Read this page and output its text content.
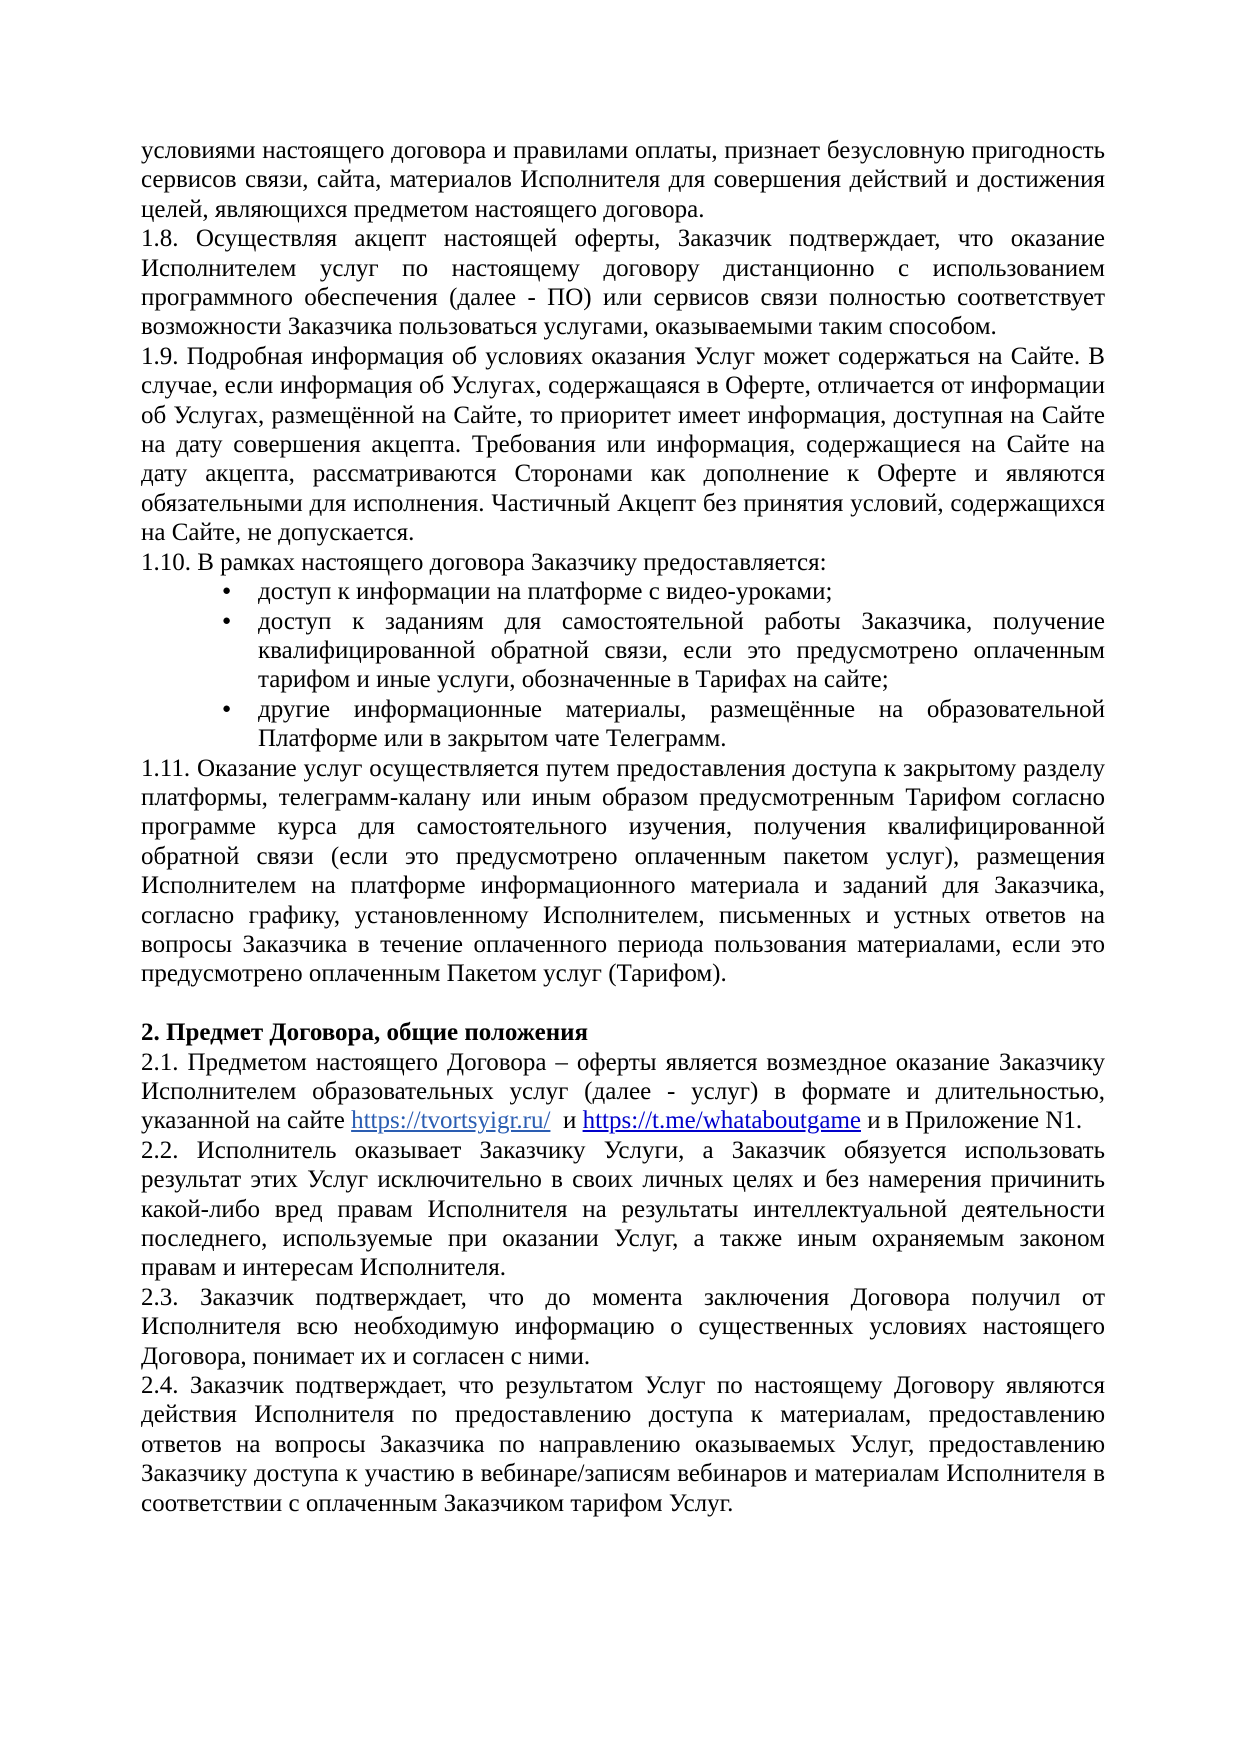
условиями настоящего договора и правилами оплаты, признает безусловную пригодность сервисов связи, сайта, материалов Исполнителя для совершения действий и достижения целей, являющихся предметом настоящего договора.

1.8. Осуществляя акцепт настоящей оферты, Заказчик подтверждает, что оказание Исполнителем услуг по настоящему договору дистанционно с использованием программного обеспечения (далее - ПО) или сервисов связи полностью соответствует возможности Заказчика пользоваться услугами, оказываемыми таким способом.

1.9. Подробная информация об условиях оказания Услуг может содержаться на Сайте. В случае, если информация об Услугах, содержащаяся в Оферте, отличается от информации об Услугах, размещённой на Сайте, то приоритет имеет информация, доступная на Сайте на дату совершения акцепта. Требования или информация, содержащиеся на Сайте на дату акцепта, рассматриваются Сторонами как дополнение к Оферте и являются обязательными для исполнения. Частичный Акцепт без принятия условий, содержащихся на Сайте, не допускается.

1.10. В рамках настоящего договора Заказчику предоставляется:

● доступ к информации на платформе с видео-уроками;
● доступ к заданиям для самостоятельной работы Заказчика, получение квалифицированной обратной связи, если это предусмотрено оплаченным тарифом и иные услуги, обозначенные в Тарифах на сайте;
● другие информационные материалы, размещённые на образовательной Платформе или в закрытом чате Телеграмм.

1.11. Оказание услуг осуществляется путем предоставления доступа к закрытому разделу платформы, телеграмм-калану или иным образом предусмотренным Тарифом согласно программе курса для самостоятельного изучения, получения квалифицированной обратной связи (если это предусмотрено оплаченным пакетом услуг), размещения Исполнителем на платформе информационного материала и заданий для Заказчика, согласно графику, установленному Исполнителем, письменных и устных ответов на вопросы Заказчика в течение оплаченного периода пользования материалами, если это предусмотрено оплаченным Пакетом услуг (Тарифом).

2. Предмет Договора, общие положения

2.1. Предметом настоящего Договора – оферты является возмездное оказание Заказчику Исполнителем образовательных услуг (далее - услуг) в формате и длительностью, указанной на сайте https://tvortsyigr.ru/  и https://t.me/whataboutgame и в Приложение N1.

2.2. Исполнитель оказывает Заказчику Услуги, а Заказчик обязуется использовать результат этих Услуг исключительно в своих личных целях и без намерения причинить какой-либо вред правам Исполнителя на результаты интеллектуальной деятельности последнего, используемые при оказании Услуг, а также иным охраняемым законом правам и интересам Исполнителя.

2.3. Заказчик подтверждает, что до момента заключения Договора получил от Исполнителя всю необходимую информацию о существенных условиях настоящего Договора, понимает их и согласен с ними.

2.4. Заказчик подтверждает, что результатом Услуг по настоящему Договору являются действия Исполнителя по предоставлению доступа к материалам, предоставлению ответов на вопросы Заказчика по направлению оказываемых Услуг, предоставлению Заказчику доступа к участию в вебинаре/записям вебинаров и материалам Исполнителя в соответствии с оплаченным Заказчиком тарифом Услуг.
